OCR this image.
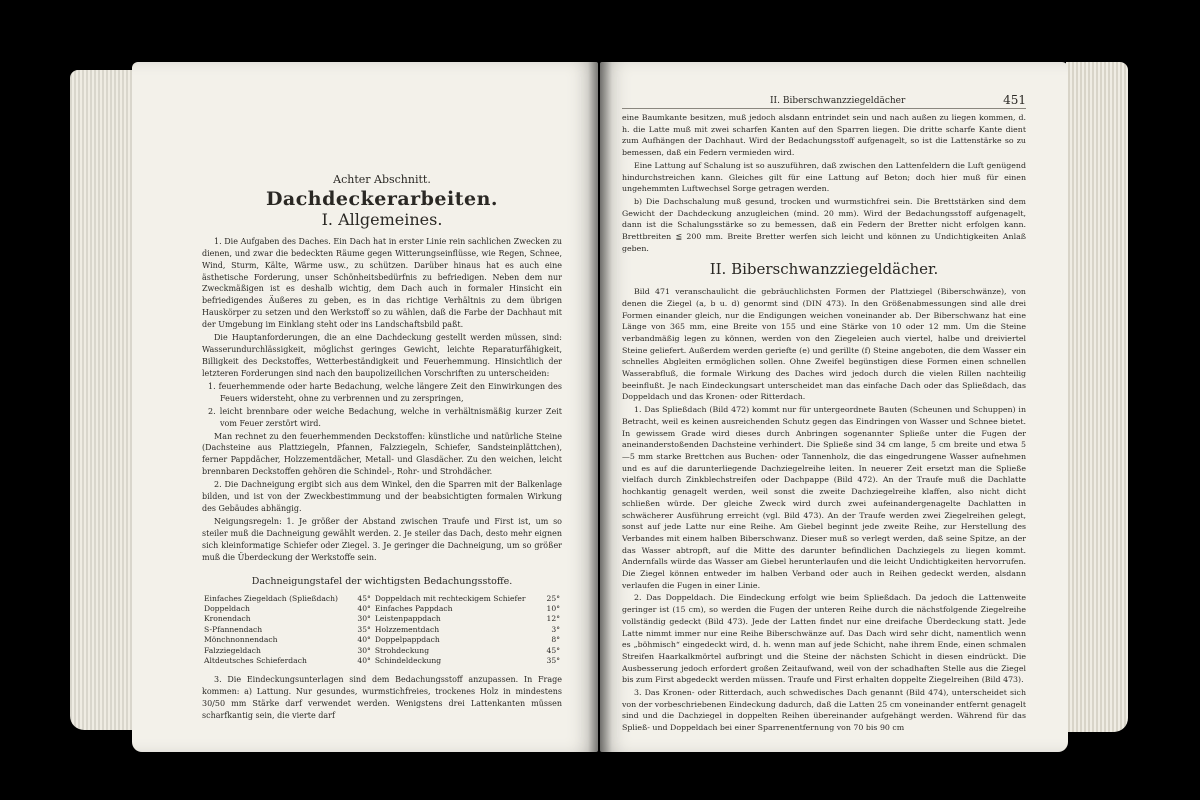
Achter Abschnitt.
Dachdeckerarbeiten.
I. Allgemeines.

1. Die Aufgaben des Daches. Ein Dach hat in erster Linie rein sachlichen Zwecken zu dienen, und zwar die bedeckten Räume gegen Witterungseinflüsse, wie Regen, Schnee, Wind, Sturm, Kälte, Wärme usw., zu schützen. Darüber hinaus hat es auch eine ästhetische Forderung, unser Schönheitsbedürfnis zu befriedigen. Neben dem nur Zweckmäßigen ist es deshalb wichtig, dem Dach auch in formaler Hinsicht ein befriedigendes Äußeres zu geben, es in das richtige Verhältnis zu dem übrigen Hauskörper zu setzen und den Werkstoff so zu wählen, daß die Farbe der Dachhaut mit der Umgebung im Einklang steht oder ins Landschaftsbild paßt.

Die Hauptanforderungen, die an eine Dachdeckung gestellt werden müssen, sind: Wasserundurchlässigkeit, möglichst geringes Gewicht, leichte Reparaturfähigkeit, Billigkeit des Deckstoffes, Wetterbeständigkeit und Feuerhemmung. Hinsichtlich der letzteren Forderungen sind nach den baupolizeilichen Vorschriften zu unterscheiden:

1. feuerhemmende oder harte Bedachung, welche längere Zeit den Einwirkungen des Feuers widersteht, ohne zu verbrennen und zu zerspringen,

2. leicht brennbare oder weiche Bedachung, welche in verhältnismäßig kurzer Zeit vom Feuer zerstört wird.

Man rechnet zu den feuerhemmenden Deckstoffen: künstliche und natürliche Steine (Dachsteine aus Plattziegeln, Pfannen, Falzziegeln, Schiefer, Sandsteinplättchen), ferner Pappdächer, Holzzementdächer, Metall- und Glasdächer. Zu den weichen, leicht brennbaren Deckstoffen gehören die Schindel-, Rohr- und Strohdächer.

2. Die Dachneigung ergibt sich aus dem Winkel, den die Sparren mit der Balkenlage bilden, und ist von der Zweckbestimmung und der beabsichtigten formalen Wirkung des Gebäudes abhängig.

Neigungsregeln: 1. Je größer der Abstand zwischen Traufe und First ist, um so steiler muß die Dachneigung gewählt werden. 2. Je steiler das Dach, desto mehr eignen sich kleinformatige Schiefer oder Ziegel. 3. Je geringer die Dachneigung, um so größer muß die Überdeckung der Werkstoffe sein.

Dachneigungstafel der wichtigsten Bedachungsstoffe.
Einfaches Ziegeldach (Spließdach)	45°	Doppeldach mit rechteckigem Schiefer	25°
Doppeldach	40°	Einfaches Pappdach	10°
Kronendach	30°	Leistenpappdach	12°
S-Pfannendach	35°	Holzzementdach	3°
Mönchnonnendach	40°	Doppelpappdach	8°
Falzziegeldach	30°	Strohdeckung	45°
Altdeutsches Schieferdach	40°	Schindeldeckung	35°

3. Die Eindeckungsunterlagen sind dem Bedachungsstoff anzupassen. In Frage kommen: a) Lattung. Nur gesundes, wurmstichfreies, trockenes Holz in mindestens 30/50 mm Stärke darf verwendet werden. Wenigstens drei Lattenkanten müssen scharfkantig sein, die vierte darf

II. Biberschwanzziegeldächer	451

eine Baumkante besitzen, muß jedoch alsdann entrindet sein und nach außen zu liegen kommen, d. h. die Latte muß mit zwei scharfen Kanten auf den Sparren liegen. Die dritte scharfe Kante dient zum Aufhängen der Dachhaut. Wird der Bedachungsstoff aufgenagelt, so ist die Lattenstärke so zu bemessen, daß ein Federn vermieden wird.

Eine Lattung auf Schalung ist so auszuführen, daß zwischen den Lattenfeldern die Luft genügend hindurchstreichen kann. Gleiches gilt für eine Lattung auf Beton; doch hier muß für einen ungehemmten Luftwechsel Sorge getragen werden.

b) Die Dachschalung muß gesund, trocken und wurmstichfrei sein. Die Brettstärken sind dem Gewicht der Dachdeckung anzugleichen (mind. 20 mm). Wird der Bedachungsstoff aufgenagelt, dann ist die Schalungsstärke so zu bemessen, daß ein Federn der Bretter nicht erfolgen kann. Brettbreiten ≦ 200 mm. Breite Bretter werfen sich leicht und können zu Undichtigkeiten Anlaß geben.

II. Biberschwanzziegeldächer.

Bild 471 veranschaulicht die gebräuchlichsten Formen der Plattziegel (Biberschwänze), von denen die Ziegel (a, b u. d) genormt sind (DIN 473). In den Größenabmessungen sind alle drei Formen einander gleich, nur die Endigungen weichen voneinander ab. Der Biberschwanz hat eine Länge von 365 mm, eine Breite von 155 und eine Stärke von 10 oder 12 mm. Um die Steine verbandmäßig legen zu können, werden von den Ziegeleien auch viertel, halbe und dreiviertel Steine geliefert. Außerdem werden geriefte (e) und gerillte (f) Steine angeboten, die dem Wasser ein schnelles Abgleiten ermöglichen sollen. Ohne Zweifel begünstigen diese Formen einen schnellen Wasserabfluß, die formale Wirkung des Daches wird jedoch durch die vielen Rillen nachteilig beeinflußt. Je nach Eindeckungsart unterscheidet man das einfache Dach oder das Spließdach, das Doppeldach und das Kronen- oder Ritterdach.

1. Das Spließdach (Bild 472) kommt nur für untergeordnete Bauten (Scheunen und Schuppen) in Betracht, weil es keinen ausreichenden Schutz gegen das Eindringen von Wasser und Schnee bietet. In gewissem Grade wird dieses durch Anbringen sogenannter Spließe unter die Fugen der aneinanderstoßenden Dachsteine verhindert. Die Spließe sind 34 cm lange, 5 cm breite und etwa 5—5 mm starke Brettchen aus Buchen- oder Tannenholz, die das eingedrungene Wasser aufnehmen und es auf die darunterliegende Dachziegelreihe leiten. In neuerer Zeit ersetzt man die Spließe vielfach durch Zinkblechstreifen oder Dachpappe (Bild 472). An der Traufe muß die Dachlatte hochkantig genagelt werden, weil sonst die zweite Dachziegelreihe klaffen, also nicht dicht schließen würde. Der gleiche Zweck wird durch zwei aufeinandergenagelte Dachlatten in schwächerer Ausführung erreicht (vgl. Bild 473). An der Traufe werden zwei Ziegelreihen gelegt, sonst auf jede Latte nur eine Reihe. Am Giebel beginnt jede zweite Reihe, zur Herstellung des Verbandes mit einem halben Biberschwanz. Dieser muß so verlegt werden, daß seine Spitze, an der das Wasser abtropft, auf die Mitte des darunter befindlichen Dachziegels zu liegen kommt. Andernfalls würde das Wasser am Giebel herunterlaufen und die leicht Undichtigkeiten hervorrufen. Die Ziegel können entweder im halben Verband oder auch in Reihen gedeckt werden, alsdann verlaufen die Fugen in einer Linie.

2. Das Doppeldach. Die Eindeckung erfolgt wie beim Spließdach. Da jedoch die Lattenweite geringer ist (15 cm), so werden die Fugen der unteren Reihe durch die nächstfolgende Ziegelreihe vollständig gedeckt (Bild 473). Jede der Latten findet nur eine dreifache Überdeckung statt. Jede Latte nimmt immer nur eine Reihe Biberschwänze auf. Das Dach wird sehr dicht, namentlich wenn es „böhmisch“ eingedeckt wird, d. h. wenn man auf jede Schicht, nahe ihrem Ende, einen schmalen Streifen Haarkalkmörtel aufbringt und die Steine der nächsten Schicht in diesen eindrückt. Die Ausbesserung jedoch erfordert großen Zeitaufwand, weil von der schadhaften Stelle aus die Ziegel bis zum First abgedeckt werden müssen. Traufe und First erhalten doppelte Ziegelreihen (Bild 473).

3. Das Kronen- oder Ritterdach, auch schwedisches Dach genannt (Bild 474), unterscheidet sich von der vorbeschriebenen Eindeckung dadurch, daß die Latten 25 cm voneinander entfernt genagelt sind und die Dachziegel in doppelten Reihen übereinander aufgehängt werden. Während für das Spließ- und Doppeldach bei einer Sparrenentfernung von 70 bis 90 cm
